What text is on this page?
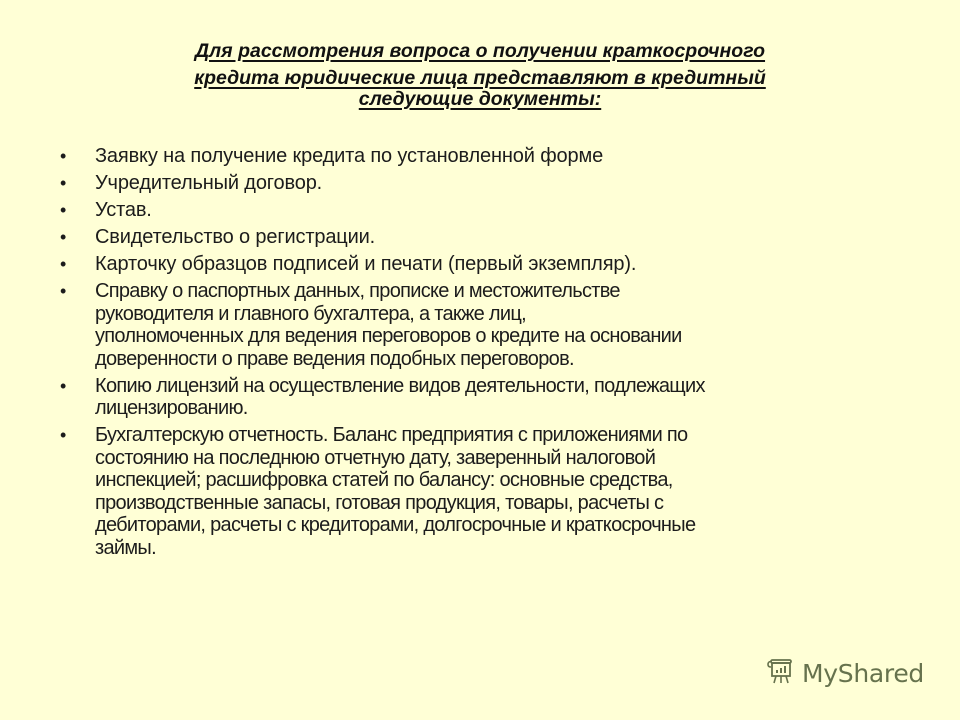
Для рассмотрения вопроса о получении краткосрочного
кредита юридические лица представляют в кредитный
следующие документы:
• Заявку на получение кредита по установленной форме
• Учредительный договор.
• Устав.
• Свидетельство о регистрации.
• Карточку образцов подписей и печати (первый экземпляр).
• Справку о паспортных данных, прописке и местожительстве
руководителя и главного бухгалтера, а также лиц,
уполномоченных для ведения переговоров о кредите на основании
доверенности о праве ведения подобных переговоров.
• Копию лицензий на осуществление видов деятельности, подлежащих
лицензированию.
• Бухгалтерскую отчетность. Баланс предприятия с приложениями по
состоянию на последнюю отчетную дату, заверенный налоговой
инспекцией; расшифровка статей по балансу: основные средства,
производственные запасы, готовая продукция, товары, расчеты с
дебиторами, расчеты с кредиторами, долгосрочные и краткосрочные
займы.
MyShared
